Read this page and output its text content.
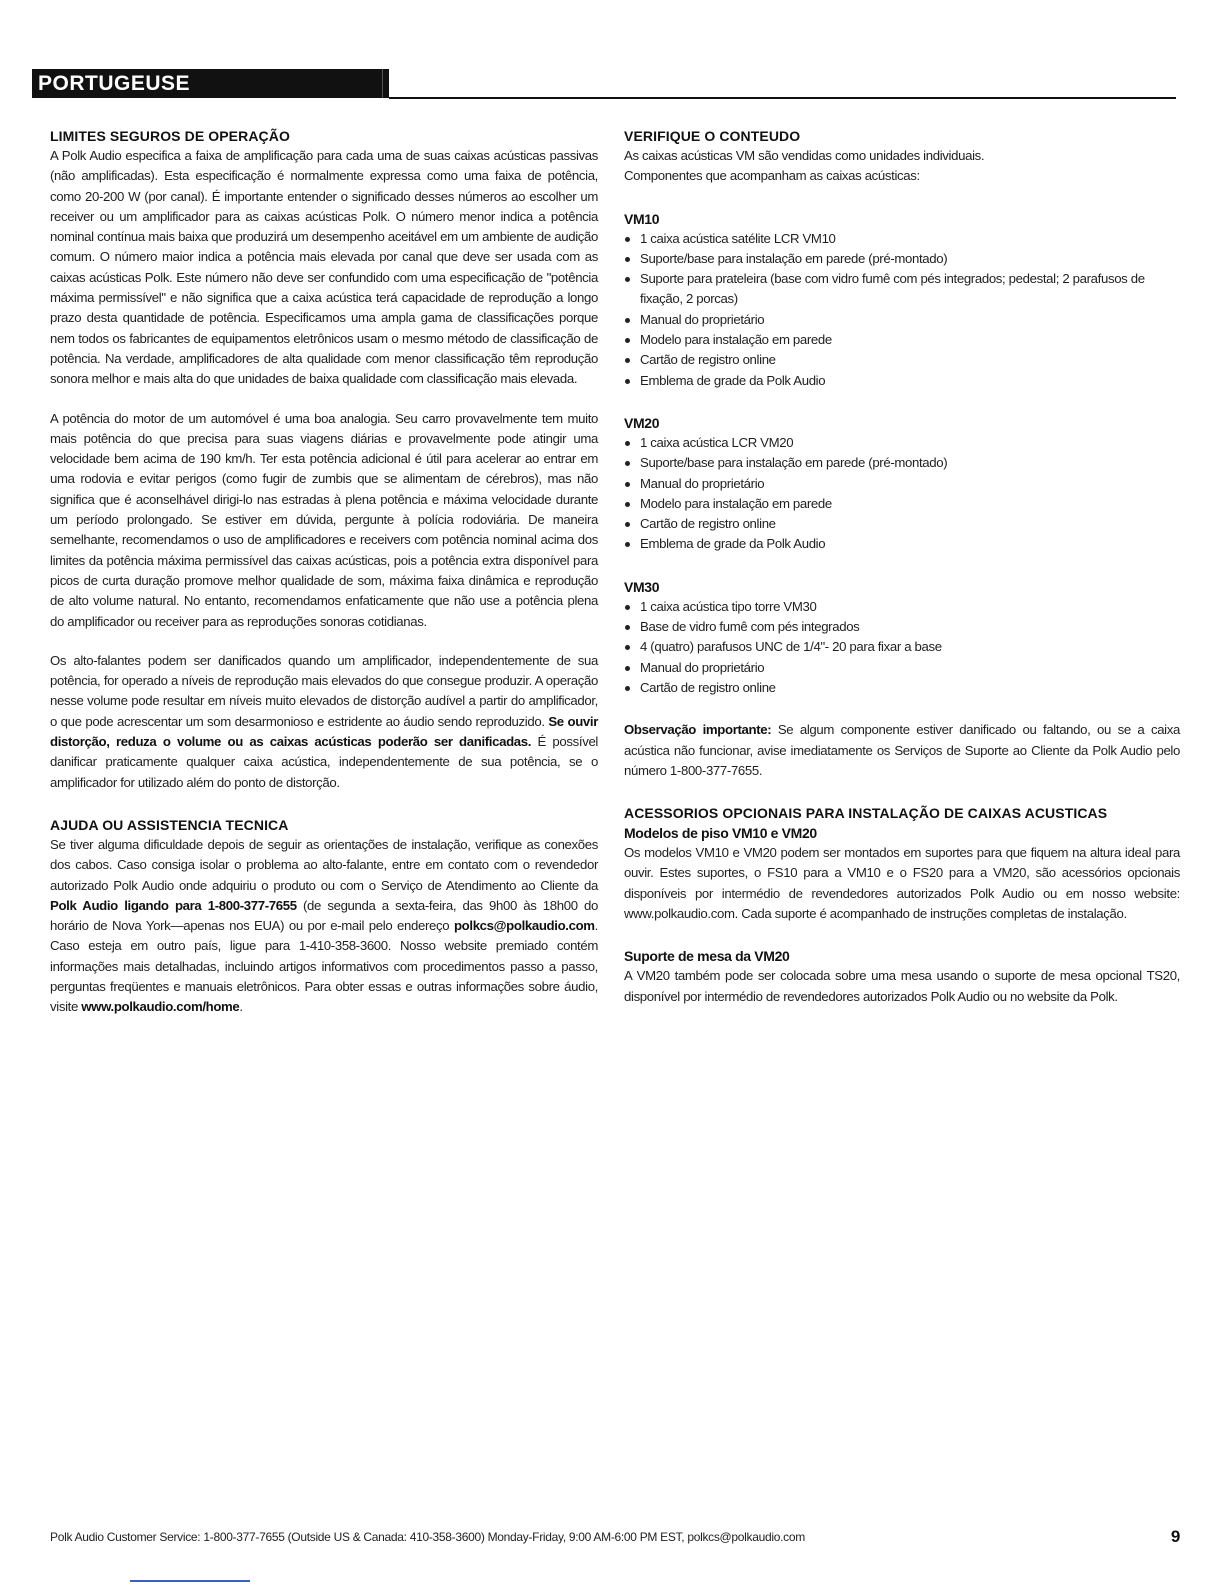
PORTUGEUSE
LIMITES SEGUROS DE OPERAÇÃO

A Polk Audio especifica a faixa de amplificação para cada uma de suas caixas acústicas passivas (não amplificadas). Esta especificação é normalmente expressa como uma faixa de potência, como 20-200 W (por canal). É importante entender o significado desses números ao escolher um receiver ou um amplificador para as caixas acústicas Polk. O número menor indica a potência nominal contínua mais baixa que produzirá um desempenho aceitável em um ambiente de audição comum. O número maior indica a potência mais elevada por canal que deve ser usada com as caixas acústicas Polk. Este número não deve ser confundido com uma especificação de "potência máxima permissível" e não significa que a caixa acústica terá capacidade de reprodução a longo prazo desta quantidade de potência. Especificamos uma ampla gama de classificações porque nem todos os fabricantes de equipamentos eletrônicos usam o mesmo método de classificação de potência. Na verdade, amplificadores de alta qualidade com menor classificação têm reprodução sonora melhor e mais alta do que unidades de baixa qualidade com classificação mais elevada.

A potência do motor de um automóvel é uma boa analogia. Seu carro provavelmente tem muito mais potência do que precisa para suas viagens diárias e provavelmente pode atingir uma velocidade bem acima de 190 km/h. Ter esta potência adicional é útil para acelerar ao entrar em uma rodovia e evitar perigos (como fugir de zumbis que se alimentam de cérebros), mas não significa que é aconselhável dirigi-lo nas estradas à plena potência e máxima velocidade durante um período prolongado. Se estiver em dúvida, pergunte à polícia rodoviária. De maneira semelhante, recomendamos o uso de amplificadores e receivers com potência nominal acima dos limites da potência máxima permissível das caixas acústicas, pois a potência extra disponível para picos de curta duração promove melhor qualidade de som, máxima faixa dinâmica e reprodução de alto volume natural. No entanto, recomendamos enfaticamente que não use a potência plena do amplificador ou receiver para as reproduções sonoras cotidianas.

Os alto-falantes podem ser danificados quando um amplificador, independentemente de sua potência, for operado a níveis de reprodução mais elevados do que consegue produzir. A operação nesse volume pode resultar em níveis muito elevados de distorção audível a partir do amplificador, o que pode acrescentar um som desarmonioso e estridente ao áudio sendo reproduzido. Se ouvir distorção, reduza o volume ou as caixas acústicas poderão ser danificadas. É possível danificar praticamente qualquer caixa acústica, independentemente de sua potência, se o amplificador for utilizado além do ponto de distorção.

AJUDA OU ASSISTENCIA TECNICA

Se tiver alguma dificuldade depois de seguir as orientações de instalação, verifique as conexões dos cabos. Caso consiga isolar o problema ao alto-falante, entre em contato com o revendedor autorizado Polk Audio onde adquiriu o produto ou com o Serviço de Atendimento ao Cliente da Polk Audio ligando para 1-800-377-7655 (de segunda a sexta-feira, das 9h00 às 18h00 do horário de Nova York—apenas nos EUA) ou por e-mail pelo endereço polkcs@polkaudio.com. Caso esteja em outro país, ligue para 1-410-358-3600. Nosso website premiado contém informações mais detalhadas, incluindo artigos informativos com procedimentos passo a passo, perguntas freqüentes e manuais eletrônicos. Para obter essas e outras informações sobre áudio, visite www.polkaudio.com/home.

VERIFIQUE O CONTEUDO

As caixas acústicas VM são vendidas como unidades individuais.

Componentes que acompanham as caixas acústicas:

VM10
1 caixa acústica satélite LCR VM10
Suporte/base para instalação em parede (pré-montado)
Suporte para prateleira (base com vidro fumê com pés integrados; pedestal; 2 parafusos de fixação, 2 porcas)
Manual do proprietário
Modelo para instalação em parede
Cartão de registro online
Emblema de grade da Polk Audio
VM20
1 caixa acústica LCR VM20
Suporte/base para instalação em parede (pré-montado)
Manual do proprietário
Modelo para instalação em parede
Cartão de registro online
Emblema de grade da Polk Audio
VM30
1 caixa acústica tipo torre VM30
Base de vidro fumê com pés integrados
4 (quatro) parafusos UNC de 1/4"- 20 para fixar a base
Manual do proprietário
Cartão de registro online

Observação importante: Se algum componente estiver danificado ou faltando, ou se a caixa acústica não funcionar, avise imediatamente os Serviços de Suporte ao Cliente da Polk Audio pelo número 1-800-377-7655.

ACESSORIOS OPCIONAIS PARA INSTALAÇÃO DE CAIXAS ACUSTICAS
Modelos de piso VM10 e VM20

Os modelos VM10 e VM20 podem ser montados em suportes para que fiquem na altura ideal para ouvir. Estes suportes, o FS10 para a VM10 e o FS20 para a VM20, são acessórios opcionais disponíveis por intermédio de revendedores autorizados Polk Audio ou em nosso website: www.polkaudio.com. Cada suporte é acompanhado de instruções completas de instalação.

Suporte de mesa da VM20

A VM20 também pode ser colocada sobre uma mesa usando o suporte de mesa opcional TS20, disponível por intermédio de revendedores autorizados Polk Audio ou no website da Polk.

Polk Audio Customer Service: 1-800-377-7655 (Outside US & Canada: 410-358-3600) Monday-Friday, 9:00 AM-6:00 PM EST, polkcs@polkaudio.com	9
